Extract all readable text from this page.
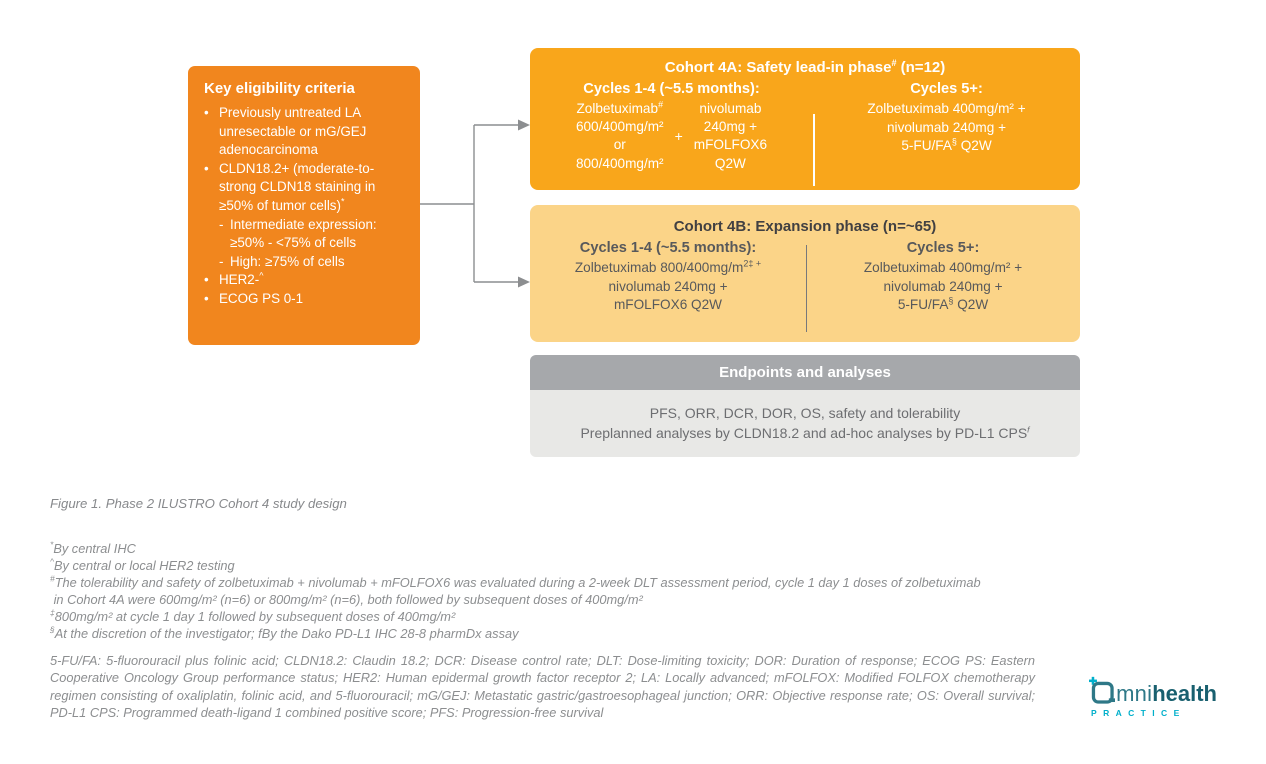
Key eligibility criteria
• Previously untreated LA unresectable or mG/GEJ adenocarcinoma
• CLDN18.2+ (moderate-to-strong CLDN18 staining in ≥50% of tumor cells)*
- Intermediate expression: ≥50% - <75% of cells
- High: ≥75% of cells
• HER2-^
• ECOG PS 0-1
Cohort 4A: Safety lead-in phase# (n=12)
Cycles 1-4 (~5.5 months):
Zolbetuximab#
600/400mg/m²
or
800/400mg/m²
+
nivolumab
240mg +
mFOLFOX6
Q2W
Cycles 5+:
Zolbetuximab 400mg/m² +
nivolumab 240mg +
5-FU/FA§ Q2W
Cohort 4B: Expansion phase (n=~65)
Cycles 1-4 (~5.5 months):
Zolbetuximab $800/400mg/m^{2\ddagger +}$
nivolumab 240mg +
mFOLFOX6 Q2W
Cycles 5+:
Zolbetuximab 400mg/m² +
nivolumab 240mg +
5-FU/FA§ Q2W
Endpoints and analyses
PFS, ORR, DCR, DOR, OS, safety and tolerability
Preplanned analyses by CLDN18.2 and ad-hoc analyses by PD-L1 CPS$^f$
Figure 1. Phase 2 ILUSTRO Cohort 4 study design
*By central IHC
^By central or local HER2 testing
#The tolerability and safety of zolbetuximab + nivolumab + mFOLFOX6 was evaluated during a 2-week DLT assessment period, cycle 1 day 1 doses of zolbetuximab
in Cohort 4A were 600mg/m² (n=6) or 800mg/m² (n=6), both followed by subsequent doses of 400mg/m²
‡800mg/m² at cycle 1 day 1 followed by subsequent doses of 400mg/m²
§At the discretion of the investigator; fBy the Dako PD-L1 IHC 28-8 pharmDx assay
5-FU/FA: 5-fluorouracil plus folinic acid; CLDN18.2: Claudin 18.2; DCR: Disease control rate; DLT: Dose-limiting toxicity; DOR: Duration of response; ECOG PS: Eastern Cooperative Oncology Group performance status; HER2: Human epidermal growth factor receptor 2; LA: Locally advanced; mFOLFOX: Modified FOLFOX chemotherapy regimen consisting of oxaliplatin, folinic acid, and 5-fluorouracil; mG/GEJ: Metastatic gastric/gastroesophageal junction; ORR: Objective response rate; OS: Overall survival; PD-L1 CPS: Programmed death-ligand 1 combined positive score; PFS: Progression-free survival
mni health
PRACTICE
